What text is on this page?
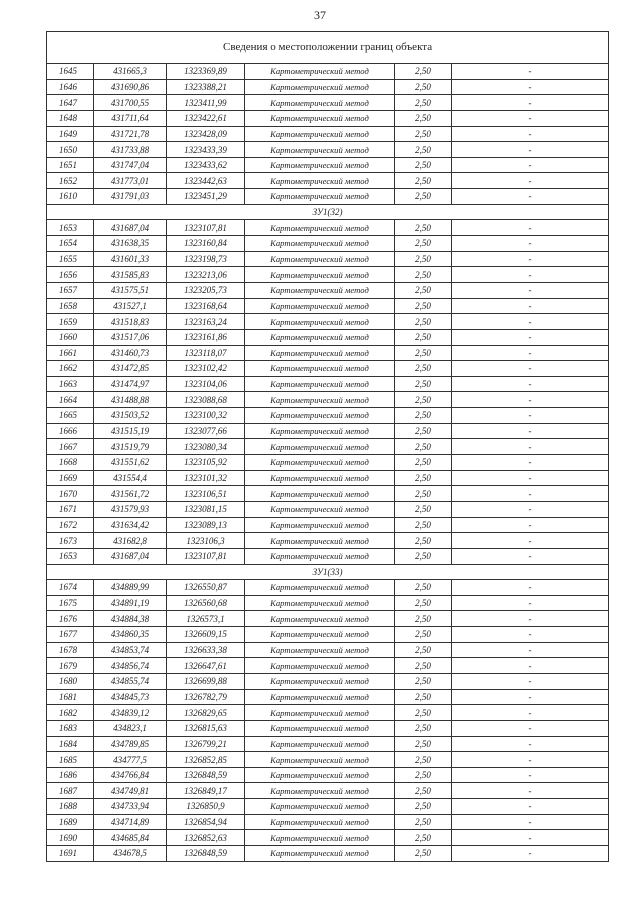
37
Сведения о местоположении границ объекта					
1645	431665,3	1323369,89	Картометрический метод	2,50	-
1646	431690,86	1323388,21	Картометрический метод	2,50	-
1647	431700,55	1323411,99	Картометрический метод	2,50	-
1648	431711,64	1323422,61	Картометрический метод	2,50	-
1649	431721,78	1323428,09	Картометрический метод	2,50	-
1650	431733,88	1323433,39	Картометрический метод	2,50	-
1651	431747,04	1323433,62	Картометрический метод	2,50	-
1652	431773,01	1323442,63	Картометрический метод	2,50	-
1610	431791,03	1323451,29	Картометрический метод	2,50	-
ЗУ1(32)					
1653	431687,04	1323107,81	Картометрический метод	2,50	-
1654	431638,35	1323160,84	Картометрический метод	2,50	-
1655	431601,33	1323198,73	Картометрический метод	2,50	-
1656	431585,83	1323213,06	Картометрический метод	2,50	-
1657	431575,51	1323205,73	Картометрический метод	2,50	-
1658	431527,1	1323168,64	Картометрический метод	2,50	-
1659	431518,83	1323163,24	Картометрический метод	2,50	-
1660	431517,06	1323161,86	Картометрический метод	2,50	-
1661	431460,73	1323118,07	Картометрический метод	2,50	-
1662	431472,85	1323102,42	Картометрический метод	2,50	-
1663	431474,97	1323104,06	Картометрический метод	2,50	-
1664	431488,88	1323088,68	Картометрический метод	2,50	-
1665	431503,52	1323100,32	Картометрический метод	2,50	-
1666	431515,19	1323077,66	Картометрический метод	2,50	-
1667	431519,79	1323080,34	Картометрический метод	2,50	-
1668	431551,62	1323105,92	Картометрический метод	2,50	-
1669	431554,4	1323101,32	Картометрический метод	2,50	-
1670	431561,72	1323106,51	Картометрический метод	2,50	-
1671	431579,93	1323081,15	Картометрический метод	2,50	-
1672	431634,42	1323089,13	Картометрический метод	2,50	-
1673	431682,8	1323106,3	Картометрический метод	2,50	-
1653	431687,04	1323107,81	Картометрический метод	2,50	-
ЗУ1(33)					
1674	434889,99	1326550,87	Картометрический метод	2,50	-
1675	434891,19	1326560,68	Картометрический метод	2,50	-
1676	434884,38	1326573,1	Картометрический метод	2,50	-
1677	434860,35	1326609,15	Картометрический метод	2,50	-
1678	434853,74	1326633,38	Картометрический метод	2,50	-
1679	434856,74	1326647,61	Картометрический метод	2,50	-
1680	434855,74	1326699,88	Картометрический метод	2,50	-
1681	434845,73	1326782,79	Картометрический метод	2,50	-
1682	434839,12	1326829,65	Картометрический метод	2,50	-
1683	434823,1	1326815,63	Картометрический метод	2,50	-
1684	434789,85	1326799,21	Картометрический метод	2,50	-
1685	434777,5	1326852,85	Картометрический метод	2,50	-
1686	434766,84	1326848,59	Картометрический метод	2,50	-
1687	434749,81	1326849,17	Картометрический метод	2,50	-
1688	434733,94	1326850,9	Картометрический метод	2,50	-
1689	434714,89	1326854,94	Картометрический метод	2,50	-
1690	434685,84	1326852,63	Картометрический метод	2,50	-
1691	434678,5	1326848,59	Картометрический метод	2,50	-
